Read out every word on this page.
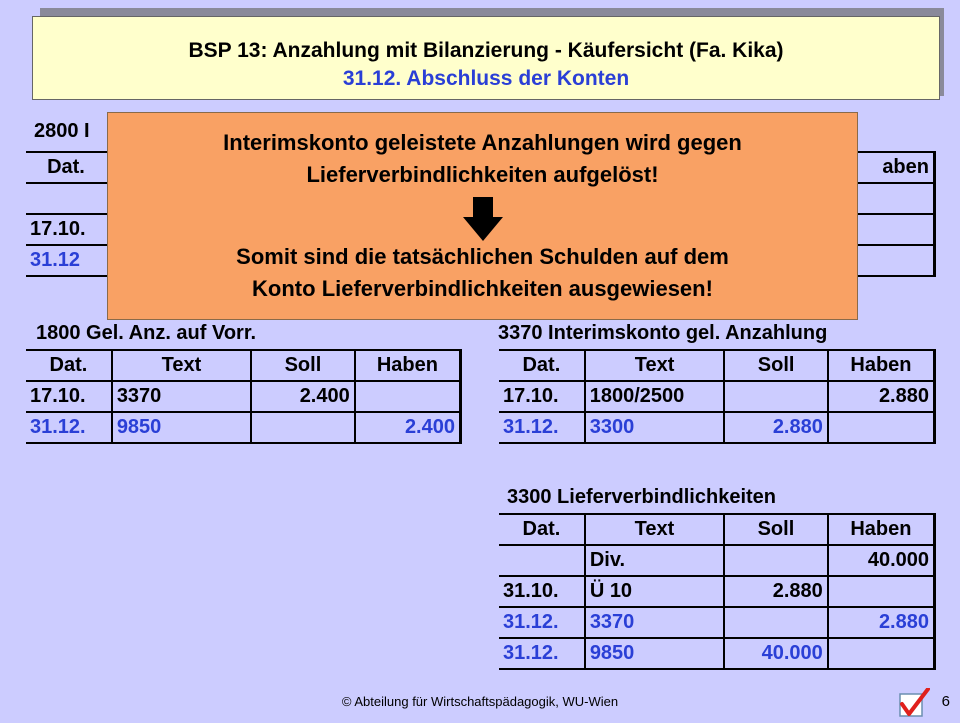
BSP 13: Anzahlung mit Bilanzierung - Käufersicht (Fa. Kika)
31.12. Abschluss der Konten
2800 I
Dat.		aben

17.10.		
31.12		
Interimskonto geleistete Anzahlungen wird gegen
Lieferverbindlichkeiten aufgelöst!
Somit sind die tatsächlichen Schulden auf dem
Konto Lieferverbindlichkeiten ausgewiesen!
1800 Gel. Anz. auf Vorr.
Dat.	Text	Soll	Haben
17.10.	3370	2.400	
31.12.	9850		2.400
3370 Interimskonto gel. Anzahlung
Dat.	Text	Soll	Haben
17.10.	1800/2500		2.880
31.12.	3300	2.880	
3300 Lieferverbindlichkeiten
Dat.	Text	Soll	Haben
	Div.		40.000
31.10.	Ü 10	2.880	
31.12.	3370		2.880
31.12.	9850	40.000	
© Abteilung für Wirtschaftspädagogik, WU-Wien	6
